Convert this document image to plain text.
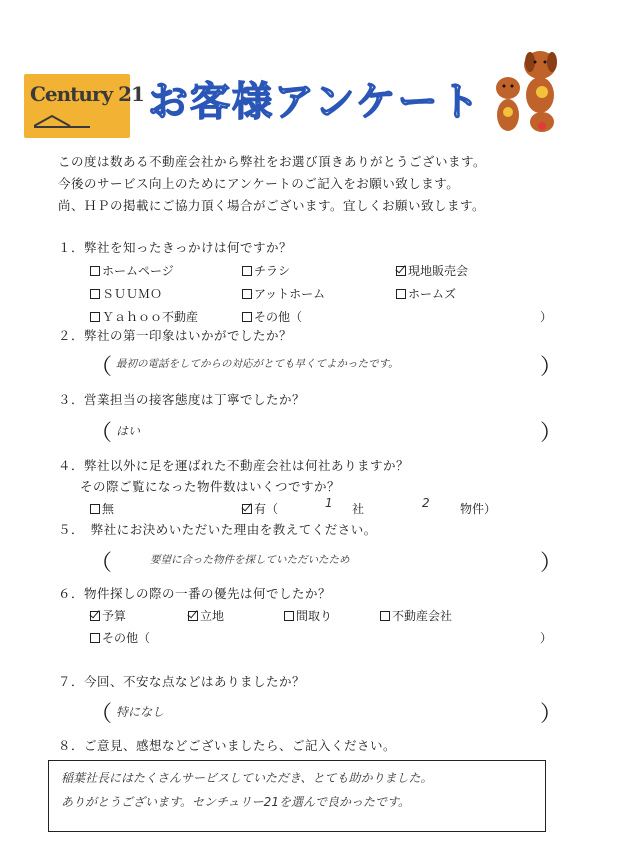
Century 21 お客様アンケート
この度は数ある不動産会社から弊社をお選び頂きありがとうございます。
今後のサービス向上のためにアンケートのご記入をお願い致します。
尚、ＨＰの掲載にご協力頂く場合がございます。宜しくお願い致します。
１．弊社を知ったきっかけは何ですか？
ホームページ	チラシ	現地販売会
ＳＵＵＭＯ	アットホーム	ホームズ
Ｙａｈｏｏ不動産	その他（	）
２．弊社の第一印象はいかがでしたか？
（ 最初の電話をしてからの対応がとても早くてよかったです。	）
３．営業担当の接客態度は丁寧でしたか？
（ はい	）
４．弊社以外に足を運ばれた不動産会社は何社ありますか？
その際ご覧になった物件数はいくつですか？
無	有（	1 社	2	物件）
５．　弊社にお決めいただいた理由を教えてください。
（	要望に合った物件を探していただいたため	）
６．物件探しの際の一番の優先は何でしたか？
予算	立地	間取り	不動産会社
その他（	）
７．今回、不安な点などはありましたか？
（ 特になし	）
８．ご意見、感想などございましたら、ご記入ください。
稲葉社長にはたくさんサービスしていただき、とても助かりました。
ありがとうございます。センチュリー21を選んで良かったです。
